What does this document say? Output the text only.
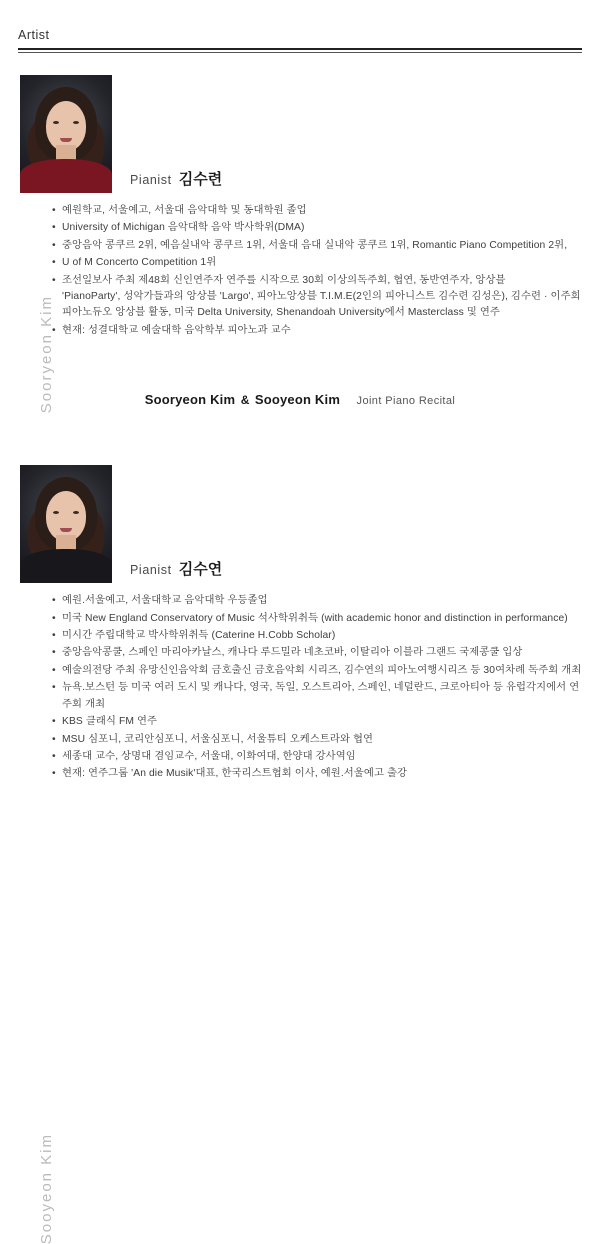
Artist
Sooryeon Kim
Pianist 김수련
• 예원학교, 서울예고, 서울대 음악대학 및 동대학원 졸업
• University of Michigan 음악대학 음악 박사학위(DMA)
• 중앙음악 콩쿠르 2위, 예음실내악 콩쿠르 1위, 서울대 음대 실내악 콩쿠르 1위, Romantic Piano Competition 2위,
• U of M Concerto Competition 1위
• 조선일보사 주최 제48회 신인연주자 연주를 시작으로 30회 이상의독주회, 협연, 동반연주자, 앙상블
'PianoParty', 성악가들과의 앙상블 'Largo', 피아노앙상블 T.I.M.E(2인의 피아니스트 김수련 김성은), 김수련 · 이주희
피아노듀오 앙상블 활동, 미국 Delta University, Shenandoah University에서 Masterclass 및 연주
• 현재: 성결대학교 예술대학 음악학부 피아노과 교수
Sooryeon Kim & Sooyeon Kim Joint Piano Recital
Sooyeon Kim
Pianist 김수연
• 예원.서울예고, 서울대학교 음악대학 우등졸업
• 미국 New England Conservatory of Music 석사학위취득 (with academic honor and distinction in performance)
• 미시간 주립대학교 박사학위취득 (Caterine H.Cobb Scholar)
• 중앙음악콩쿨, 스페인 마리아카날스, 캐나다 루드밀라 네초코바, 이탈리아 이블라 그랜드 국제콩쿨 입상
• 예술의전당 주최 유망신인음악회 금호출신 금호음악회 시리즈, 김수연의 피아노여행시리즈 등 30여차례 독주회 개최
• 뉴욕.보스턴 등 미국 여러 도시 및 캐나다, 영국, 독일, 오스트리아, 스페인, 네덜란드, 크로아티아 등 유럽각지에서 연주회 개최
• KBS 클래식 FM 연주
• MSU 심포니, 코리안심포니, 서울심포니, 서울튜티 오케스트라와 협연
• 세종대 교수, 상명대 겸임교수, 서울대, 이화여대, 한양대 강사역임
• 현재: 연주그룹 'An die Musik'대표, 한국리스트협회 이사, 예원.서울예고 출강
